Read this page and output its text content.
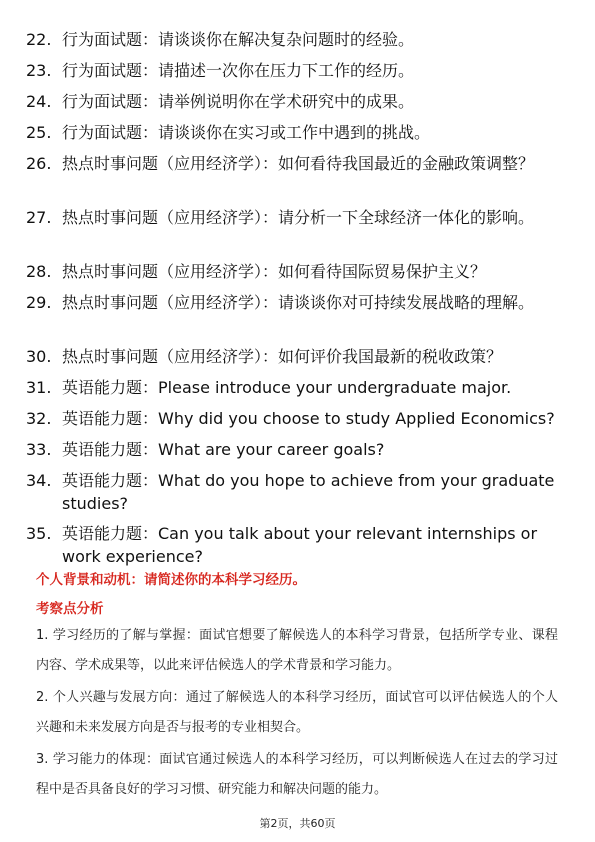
22. 行为面试题：请谈谈你在解决复杂问题时的经验。
23. 行为面试题：请描述一次你在压力下工作的经历。
24. 行为面试题：请举例说明你在学术研究中的成果。
25. 行为面试题：请谈谈你在实习或工作中遇到的挑战。
26. 热点时事问题（应用经济学）：如何看待我国最近的金融政策调整？
27. 热点时事问题（应用经济学）：请分析一下全球经济一体化的影响。
28. 热点时事问题（应用经济学）：如何看待国际贸易保护主义？
29. 热点时事问题（应用经济学）：请谈谈你对可持续发展战略的理解。
30. 热点时事问题（应用经济学）：如何评价我国最新的税收政策？
31. 英语能力题：Please introduce your undergraduate major.
32. 英语能力题：Why did you choose to study Applied Economics?
33. 英语能力题：What are your career goals?
34. 英语能力题：What do you hope to achieve from your graduate studies?
35. 英语能力题：Can you talk about your relevant internships or work experience?
个人背景和动机：请简述你的本科学习经历。
考察点分析

1. 学习经历的了解与掌握：面试官想要了解候选人的本科学习背景，包括所学专业、课程内容、学术成果等，以此来评估候选人的学术背景和学习能力。

2. 个人兴趣与发展方向：通过了解候选人的本科学习经历，面试官可以评估候选人的个人兴趣和未来发展方向是否与报考的专业相契合。

3. 学习能力的体现：面试官通过候选人的本科学习经历，可以判断候选人在过去的学习过程中是否具备良好的学习习惯、研究能力和解决问题的能力。

第2页，共60页
